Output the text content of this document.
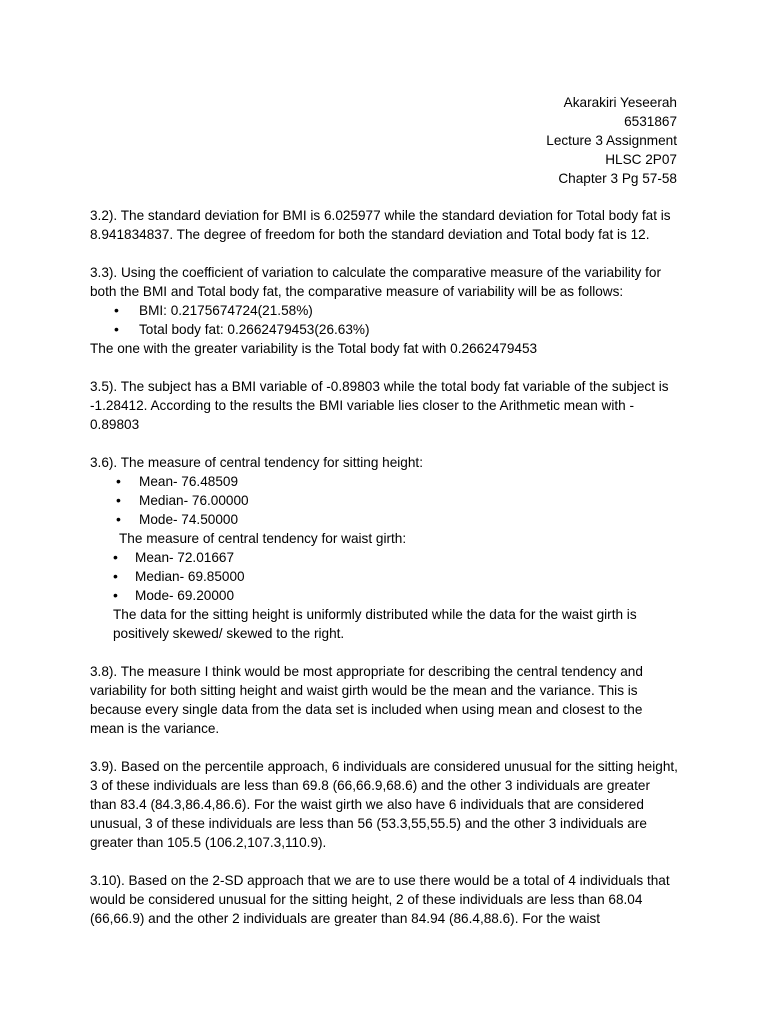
Akarakiri Yeseerah
6531867
Lecture 3 Assignment
HLSC 2P07
Chapter 3 Pg 57-58

3.2). The standard deviation for BMI is 6.025977 while the standard deviation for Total body fat is 8.941834837. The degree of freedom for both the standard deviation and Total body fat is 12.

3.3). Using the coefficient of variation to calculate the comparative measure of the variability for both the BMI and Total body fat, the comparative measure of variability will be as follows:

• BMI: 0.2175674724(21.58%)
• Total body fat: 0.2662479453(26.63%)

The one with the greater variability is the Total body fat with 0.2662479453

3.5). The subject has a BMI variable of -0.89803 while the total body fat variable of the subject is -1.28412. According to the results the BMI variable lies closer to the Arithmetic mean with - 0.89803

3.6). The measure of central tendency for sitting height:

• Mean- 76.48509
• Median- 76.00000
• Mode- 74.50000

The measure of central tendency for waist girth:

• Mean- 72.01667
• Median- 69.85000
• Mode- 69.20000

The data for the sitting height is uniformly distributed while the data for the waist girth is positively skewed/ skewed to the right.

3.8). The measure I think would be most appropriate for describing the central tendency and variability for both sitting height and waist girth would be the mean and the variance. This is because every single data from the data set is included when using mean and closest to the mean is the variance.

3.9). Based on the percentile approach, 6 individuals are considered unusual for the sitting height, 3 of these individuals are less than 69.8 (66,66.9,68.6) and the other 3 individuals are greater than 83.4 (84.3,86.4,86.6). For the waist girth we also have 6 individuals that are considered unusual, 3 of these individuals are less than 56 (53.3,55,55.5) and the other 3 individuals are greater than 105.5 (106.2,107.3,110.9).

3.10). Based on the 2-SD approach that we are to use there would be a total of 4 individuals that would be considered unusual for the sitting height, 2 of these individuals are less than 68.04 (66,66.9) and the other 2 individuals are greater than 84.94 (86.4,88.6). For the waist
